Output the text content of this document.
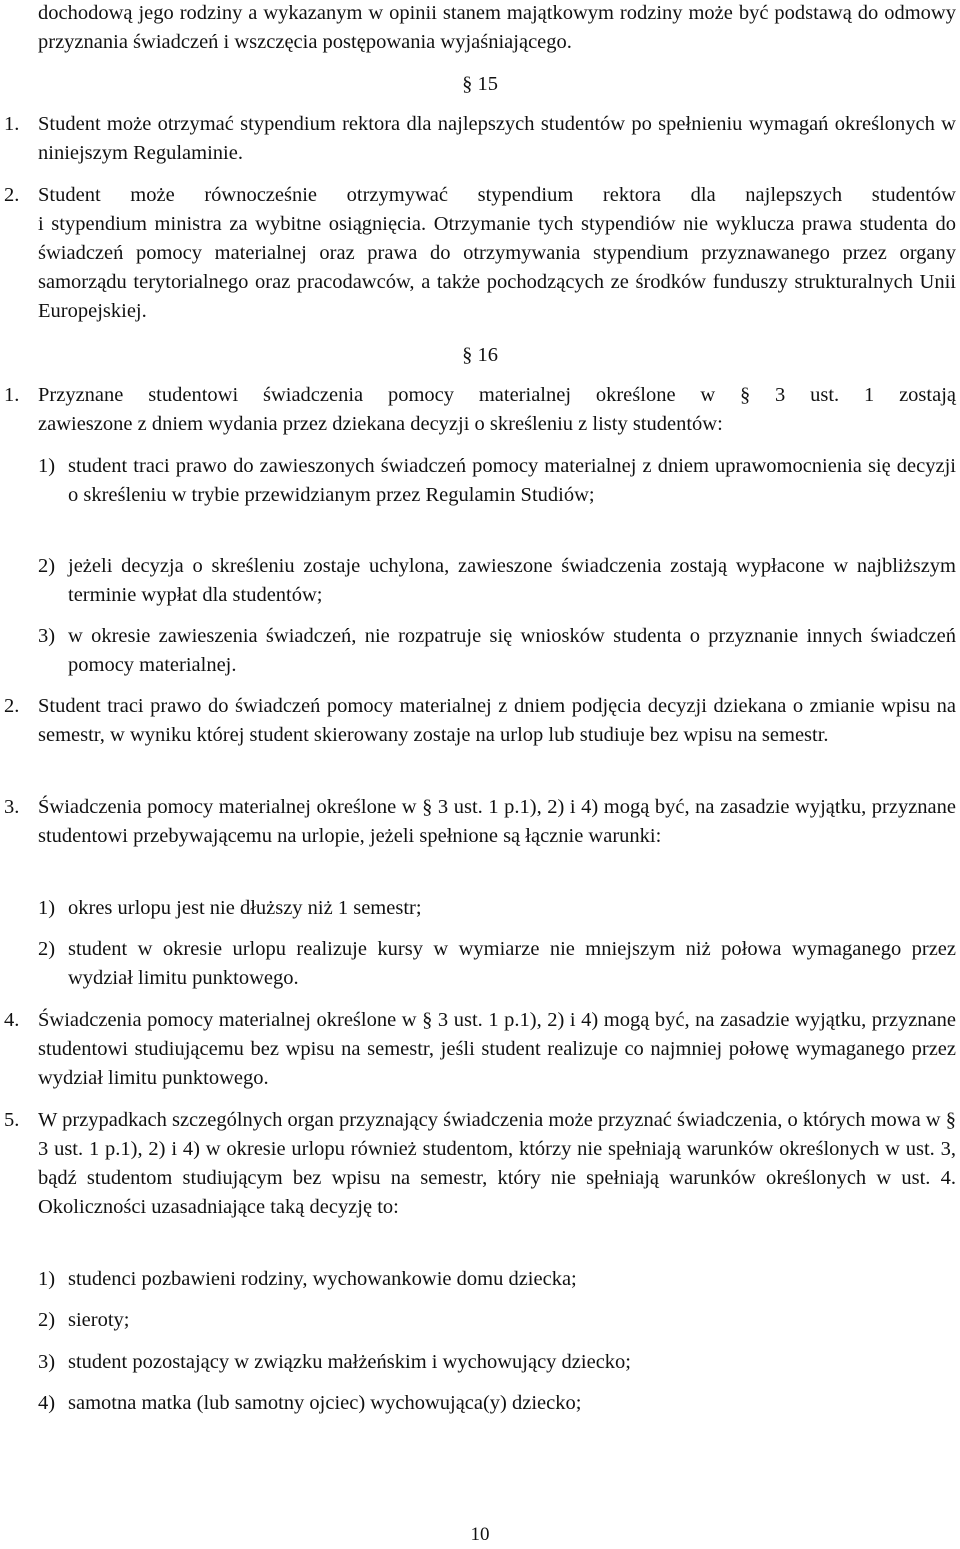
dochodową jego rodziny a wykazanym w opinii stanem majątkowym rodziny może być podstawą do odmowy przyznania świadczeń i wszczęcia postępowania wyjaśniającego.
§ 15
1. Student może otrzymać stypendium rektora dla najlepszych studentów po spełnieniu wymagań określonych w niniejszym Regulaminie.
2. Student może równocześnie otrzymywać stypendium rektora dla najlepszych studentów
i stypendium ministra za wybitne osiągnięcia. Otrzymanie tych stypendiów nie wyklucza prawa studenta do świadczeń pomocy materialnej oraz prawa do otrzymywania stypendium przyznawanego przez organy samorządu terytorialnego oraz pracodawców, a także pochodzących ze środków funduszy strukturalnych Unii Europejskiej.
§ 16
1. Przyznane studentowi świadczenia pomocy materialnej określone w § 3 ust. 1 zostają
zawieszone z dniem wydania przez dziekana decyzji o skreśleniu z listy studentów:
1) student traci prawo do zawieszonych świadczeń pomocy materialnej z dniem uprawomocnienia się decyzji o skreśleniu w trybie przewidzianym przez Regulamin Studiów;
2) jeżeli decyzja o skreśleniu zostaje uchylona, zawieszone świadczenia zostają wypłacone w najbliższym terminie wypłat dla studentów;
3) w okresie zawieszenia świadczeń, nie rozpatruje się wniosków studenta o przyznanie innych świadczeń pomocy materialnej.
2. Student traci prawo do świadczeń pomocy materialnej z dniem podjęcia decyzji dziekana o zmianie wpisu na semestr, w wyniku której student skierowany zostaje na urlop lub studiuje bez wpisu na semestr.
3. Świadczenia pomocy materialnej określone w § 3 ust. 1 p.1), 2) i 4) mogą być, na zasadzie wyjątku, przyznane studentowi przebywającemu na urlopie, jeżeli spełnione są łącznie warunki:
1) okres urlopu jest nie dłuższy niż 1 semestr;
2) student w okresie urlopu realizuje kursy w wymiarze nie mniejszym niż połowa wymaganego przez wydział limitu punktowego.
4. Świadczenia pomocy materialnej określone w § 3 ust. 1 p.1), 2) i 4) mogą być, na zasadzie wyjątku, przyznane studentowi studiującemu bez wpisu na semestr, jeśli student realizuje co najmniej połowę wymaganego przez wydział limitu punktowego.
5. W przypadkach szczególnych organ przyznający świadczenia może przyznać świadczenia, o których mowa w § 3 ust. 1 p.1), 2) i 4) w okresie urlopu również studentom, którzy nie spełniają warunków określonych w ust. 3, bądź studentom studiującym bez wpisu na semestr, który nie spełniają warunków określonych w ust. 4. Okoliczności uzasadniające taką decyzję to:
1) studenci pozbawieni rodziny, wychowankowie domu dziecka;
2) sieroty;
3) student pozostający w związku małżeńskim i wychowujący dziecko;
4) samotna matka (lub samotny ojciec) wychowująca(y) dziecko;
10
